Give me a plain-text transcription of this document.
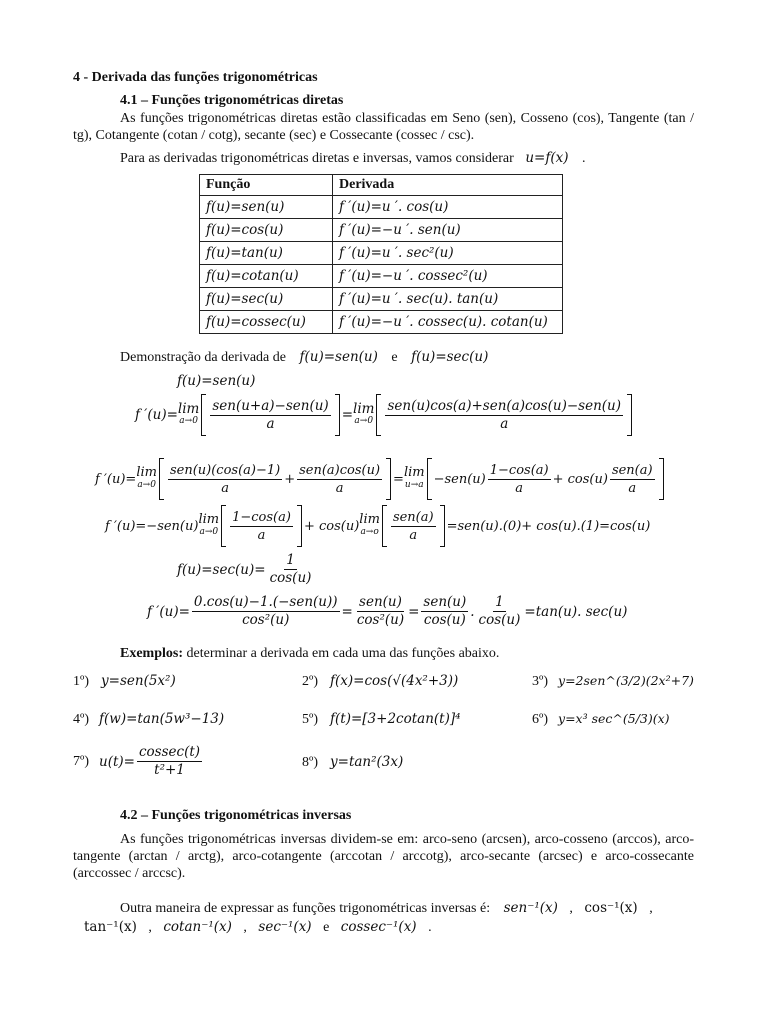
4 - Derivada das funções trigonométricas
4.1 – Funções trigonométricas diretas
As funções trigonométricas diretas estão classificadas em Seno (sen), Cosseno (cos), Tangente (tan / tg), Cotangente (cotan / cotg), secante (sec) e Cossecante (cossec / csc).
Para as derivadas trigonométricas diretas e inversas, vamos considerar u=f(x) .
Função	Derivada
f(u)=sen(u)	f ′(u)=u ′. cos(u)
f(u)=cos(u)	f ′(u)=−u ′. sen(u)
f(u)=tan(u)	f ′(u)=u ′. sec²(u)
f(u)=cotan(u)	f ′(u)=−u ′. cossec²(u)
f(u)=sec(u)	f ′(u)=u ′. sec(u). tan(u)
f(u)=cossec(u)	f ′(u)=−u ′. cossec(u). cotan(u)
Demonstração da derivada de f(u)=sen(u) e f(u)=sec(u)
f(u)=sen(u)
f ′(u)= lim
$a\to 0 \frac{\text{sen(u+a)−sen(u)}}{a} = \lim$
$a\to 0 \frac{\text{sen(u)cos(a)+sen(a)cos(u)−sen(u)}}{a}$
f ′(u)= lim
$a\to 0 \frac{\text{sen(u)(cos(a)−1)}}{a} + \frac{\text{sen(a)cos(u)}}{a} = \lim$
$u\to a -sen(u) \frac{1-\cos(a)}{a} + \cos(u) \frac{\text{sen(a)}}{a}$
f ′(u)=−sen(u) lim
$a\to 0 \frac{1-\cos(a)}{a} + \cos(u)$ lim
$a\to o \frac{\text{sen(a)}}{a} =sen(u).(0)+ \cos(u).(1)=\cos(u)$
$f(u)=\sec(u)= \frac{1}{\cos(u)}$
f $'(u)= \frac{\text{0.cos(u)−1.(−sen(u))}}{\text{cos²(u)}} = \frac{\text{sen(u)}}{\text{cos²(u)}} = \frac{\text{sen(u)}}{\cos(u)}$ . $\frac{1}{\cos(u)} =\tan(u)$. sec(u)
Exemplos: determinar a derivada em cada uma das funções abaixo.
1º) y=sen(5x²)	2º) f(x)=cos(√(4x²+3))	3º) y=2sen^(3/2)(2x²+7)
4º) f(w)=tan(5w³−13)	5º) f(t)=[3+2cotan(t)]⁴	6º) y=x³ sec^(5/3)(x)
7º) $u(t)= \frac{\text{cossec(t)}}{\text{t²+1}}$	8º) y=tan²(3x)
4.2 – Funções trigonométricas inversas
As funções trigonométricas inversas dividem-se em: arco-seno (arcsen), arco-cosseno (arccos), arco-tangente (arctan / arctg), arco-cotangente (arccotan / arccotg), arco-secante (arcsec) e arco-cossecante (arccossec / arccsc).
Outra maneira de expressar as funções trigonométricas inversas é: sen⁻¹(x) , cos⁻¹(x) ,
tan⁻¹(x) , cotan⁻¹(x) , sec⁻¹(x) e cossec⁻¹(x) .
